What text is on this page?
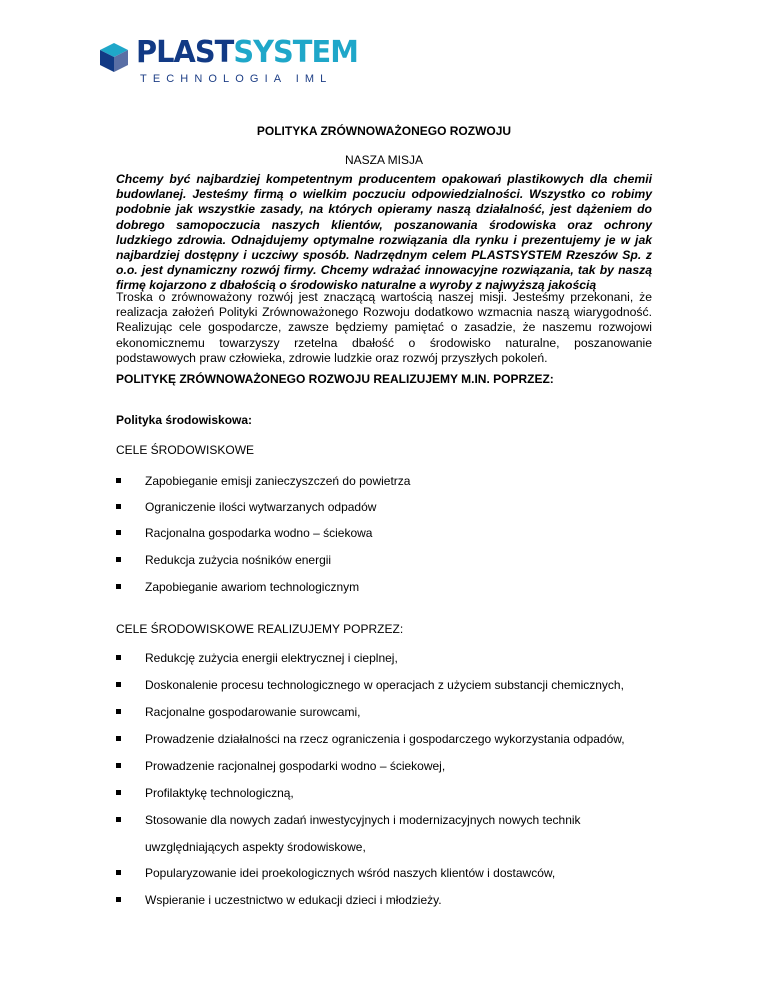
PLASTSYSTEM
TECHNOLOGIA IML
POLITYKA ZRÓWNOWAŻONEGO ROZWOJU
NASZA MISJA

Chcemy być najbardziej kompetentnym producentem opakowań plastikowych dla chemii budowlanej. Jesteśmy firmą o wielkim poczuciu odpowiedzialności. Wszystko co robimy podobnie jak wszystkie zasady, na których opieramy naszą działalność, jest dążeniem do dobrego samopoczucia naszych klientów, poszanowania środowiska oraz ochrony ludzkiego zdrowia. Odnajdujemy optymalne rozwiązania dla rynku i prezentujemy je w jak najbardziej dostępny i uczciwy sposób. Nadrzędnym celem PLASTSYSTEM Rzeszów Sp. z o.o. jest dynamiczny rozwój firmy. Chcemy wdrażać innowacyjne rozwiązania, tak by naszą firmę kojarzono z dbałością o środowisko naturalne a wyroby z najwyższą jakością

Troska o zrównoważony rozwój jest znaczącą wartością naszej misji. Jesteśmy przekonani, że realizacja założeń Polityki Zrównoważonego Rozwoju dodatkowo wzmacnia naszą wiarygodność. Realizując cele gospodarcze, zawsze będziemy pamiętać o zasadzie, że naszemu rozwojowi ekonomicznemu towarzyszy rzetelna dbałość o środowisko naturalne, poszanowanie podstawowych praw człowieka, zdrowie ludzkie oraz rozwój przyszłych pokoleń.

POLITYKĘ ZRÓWNOWAŻONEGO ROZWOJU REALIZUJEMY M.IN. POPRZEZ:
Polityka środowiskowa:
CELE ŚRODOWISKOWE
Zapobieganie emisji zanieczyszczeń do powietrza
Ograniczenie ilości wytwarzanych odpadów
Racjonalna gospodarka wodno – ściekowa
Redukcja zużycia nośników energii
Zapobieganie awariom technologicznym
CELE ŚRODOWISKOWE REALIZUJEMY POPRZEZ:
Redukcję zużycia energii elektrycznej i cieplnej,
Doskonalenie procesu technologicznego w operacjach z użyciem substancji chemicznych,
Racjonalne gospodarowanie surowcami,
Prowadzenie działalności na rzecz ograniczenia i gospodarczego wykorzystania odpadów,
Prowadzenie racjonalnej gospodarki wodno – ściekowej,
Profilaktykę technologiczną,
Stosowanie dla nowych zadań inwestycyjnych i modernizacyjnych nowych technik
Popularyzowanie idei proekologicznych wśród naszych klientów i dostawców,
Wspieranie i uczestnictwo w edukacji dzieci i młodzieży.
uwzględniających aspekty środowiskowe,
